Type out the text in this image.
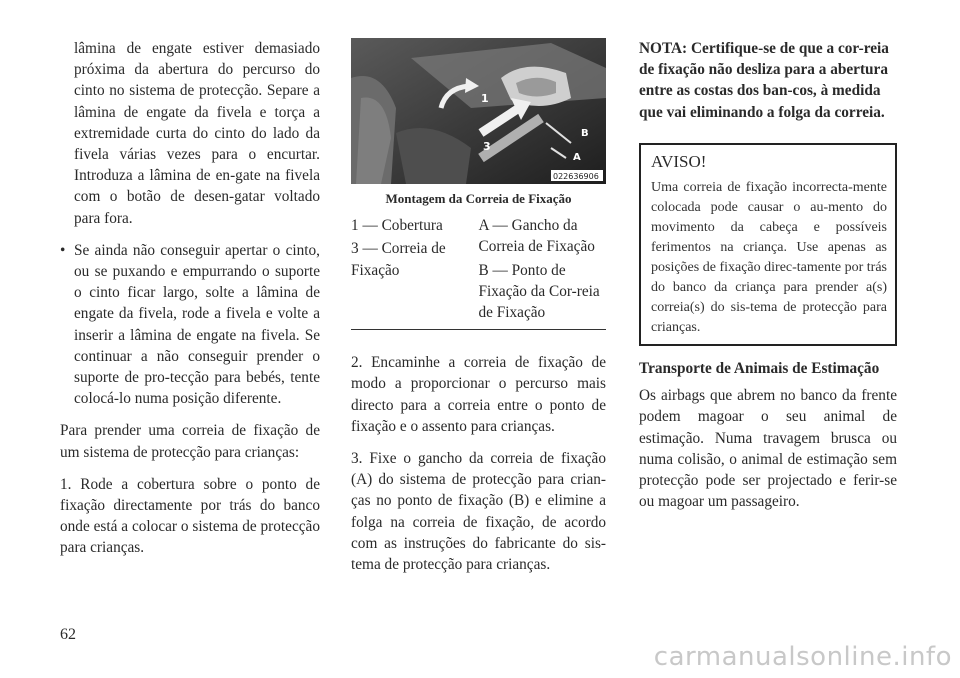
lâmina de engate estiver demasiado próxima da abertura do percurso do cinto no sistema de protecção. Separe a lâmina de engate da fivela e torça a extremidade curta do cinto do lado da fivela várias vezes para o encurtar. Introduza a lâmina de en-gate na fivela com o botão de desen-gatar voltado para fora.

• Se ainda não conseguir apertar o cinto, ou se puxando e empurrando o suporte o cinto ficar largo, solte a lâmina de engate da fivela, rode a fivela e volte a inserir a lâmina de engate na fivela. Se continuar a não conseguir prender o suporte de pro-tecção para bebés, tente colocá-lo numa posição diferente.

Para prender uma correia de fixação de um sistema de protecção para crianças:

1. Rode a cobertura sobre o ponto de fixação directamente por trás do banco onde está a colocar o sistema de protecção para crianças.

1
3
A
B
022636906
Montagem da Correia de Fixação
1 — Cobertura
3 — Correia de Fixação
A — Gancho da Correia de Fixação
B — Ponto de Fixação da Cor-reia de Fixação

2. Encaminhe a correia de fixação de modo a proporcionar o percurso mais directo para a correia entre o ponto de fixação e o assento para crianças.

3. Fixe o gancho da correia de fixação (A) do sistema de protecção para crian-ças no ponto de fixação (B) e elimine a folga na correia de fixação, de acordo com as instruções do fabricante do sis-tema de protecção para crianças.

NOTA: Certifique-se de que a cor-reia de fixação não desliza para a abertura entre as costas dos ban-cos, à medida que vai eliminando a folga da correia.

AVISO!
Uma correia de fixação incorrecta-mente colocada pode causar o au-mento do movimento da cabeça e possíveis ferimentos na criança. Use apenas as posições de fixação direc-tamente por trás do banco da criança para prender a(s) correia(s) do sis-tema de protecção para crianças.
Transporte de Animais de Estimação

Os airbags que abrem no banco da frente podem magoar o seu animal de estimação. Numa travagem brusca ou numa colisão, o animal de estimação sem protecção pode ser projectado e ferir-se ou magoar um passageiro.

62
carmanualsonline.info
